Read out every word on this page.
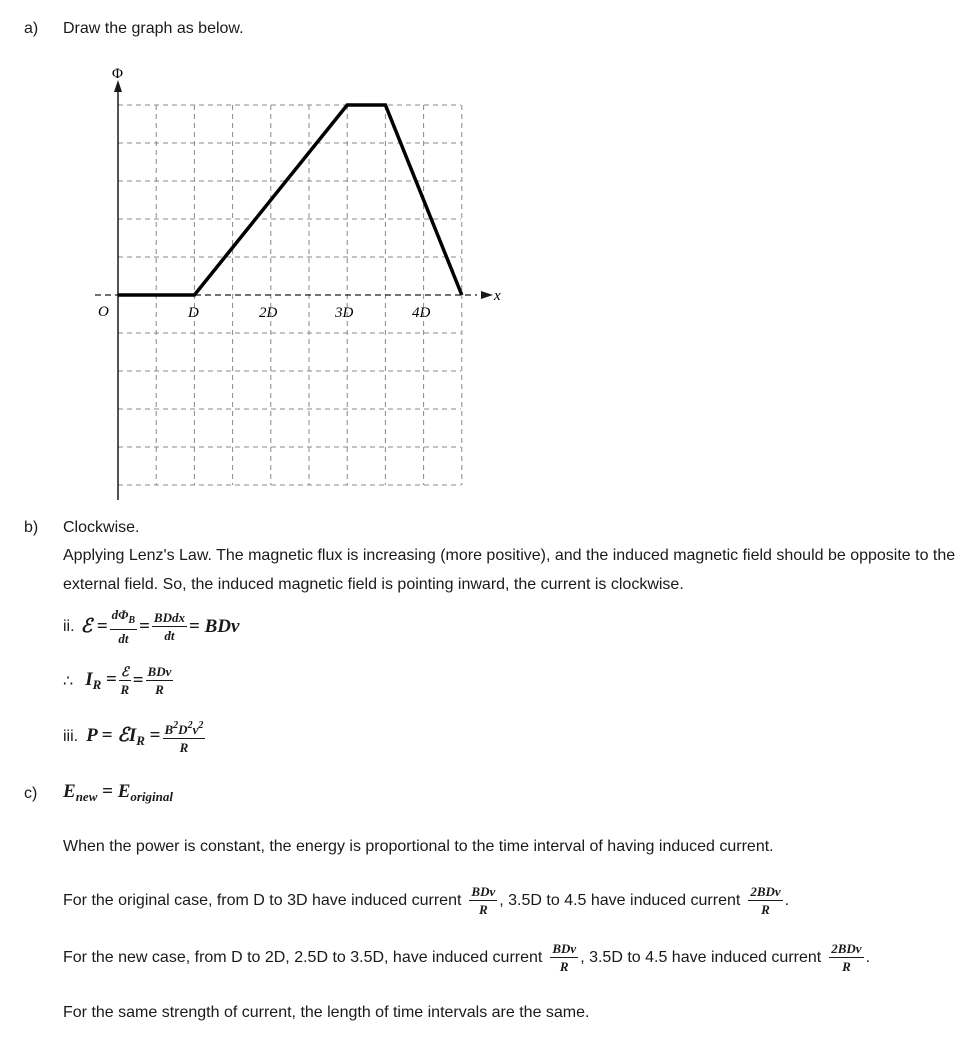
a) Draw the graph as below.
Φ
x
O	D	2D	3D	4D
b) Clockwise.
Applying Lenz's Law. The magnetic flux is increasing (more positive), and the induced magnetic field should be opposite to the external field. So, the induced magnetic field is pointing inward, the current is clockwise.
ii. ℰ = $\frac{d\Phi_B}{dt} = \frac{\text{BDdx}}{dt}$ = BDv
∴ $I_R = \frac{\text{ℰ}}{R} = \frac{\text{BDv}}{R}$
iii. P = ℰI$_R$ = $\frac{B^2D^2v^2}{R}$
c) $E_{new} = E_{original}$
When the power is constant, the energy is proportional to the time interval of having induced current.
For the original case, from D to 3D have induced current $\frac{\text{BDv}}{R}$ , 3.5D to 4.5 have induced current $\frac{\text{2BDv}}{R}$ .
For the new case, from D to 2D, 2.5D to 3.5D, have induced current $\frac{\text{BDv}}{R}$ , 3.5D to 4.5 have induced current $\frac{\text{2BDv}}{R}$ .
For the same strength of current, the length of time intervals are the same.
